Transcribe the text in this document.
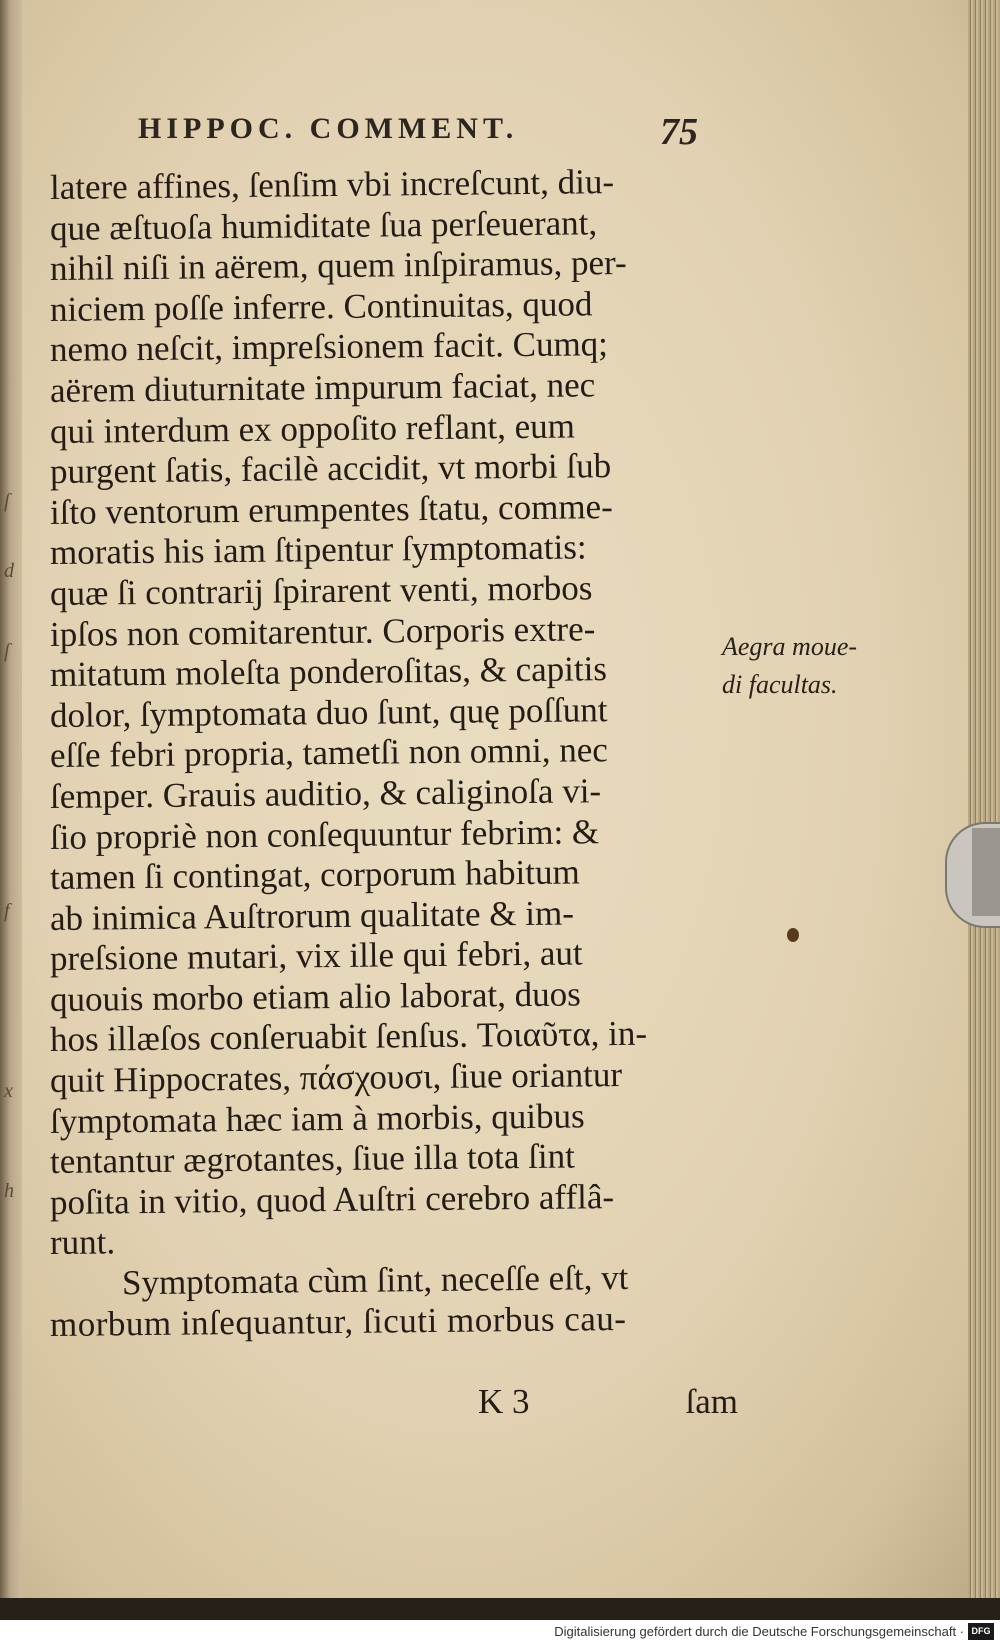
ſ
d
ſ
f
x
h
HIPPOC. COMMENT.	75
latere affines, ſenſim vbi increſcunt, diu-
que æſtuoſa humiditate ſua perſeuerant,
nihil niſi in aërem, quem inſpiramus, per-
niciem poſſe inferre. Continuitas, quod
nemo neſcit, impreſsionem facit. Cumq;
aërem diuturnitate impurum faciat, nec
qui interdum ex oppoſito reflant, eum
purgent ſatis, facilè accidit, vt morbi ſub
iſto ventorum erumpentes ſtatu, comme-
moratis his iam ſtipentur ſymptomatis:
quæ ſi contrarij ſpirarent venti, morbos
ipſos non comitarentur. Corporis extre-
mitatum moleſta ponderoſitas, & capitis
dolor, ſymptomata duo ſunt, quę poſſunt
eſſe febri propria, tametſi non omni, nec
ſemper. Grauis auditio, & caliginoſa vi-
ſio propriè non conſequuntur febrim: &
tamen ſi contingat, corporum habitum
ab inimica Auſtrorum qualitate & im-
preſsione mutari, vix ille qui febri, aut
quouis morbo etiam alio laborat, duos
hos illæſos conſeruabit ſenſus. Τοιαῦτα, in-
quit Hippocrates, πάσχουσι, ſiue oriantur
ſymptomata hæc iam à morbis, quibus
tentantur ægrotantes, ſiue illa tota ſint
poſita in vitio, quod Auſtri cerebro afflâ-
runt.
Symptomata cùm ſint, neceſſe eſt, vt
morbum inſequantur, ſicuti morbus cau-
Aegra moue-
di facultas.
K 3	ſam
Digitalisierung gefördert durch die Deutsche Forschungsgemeinschaft · DFG
